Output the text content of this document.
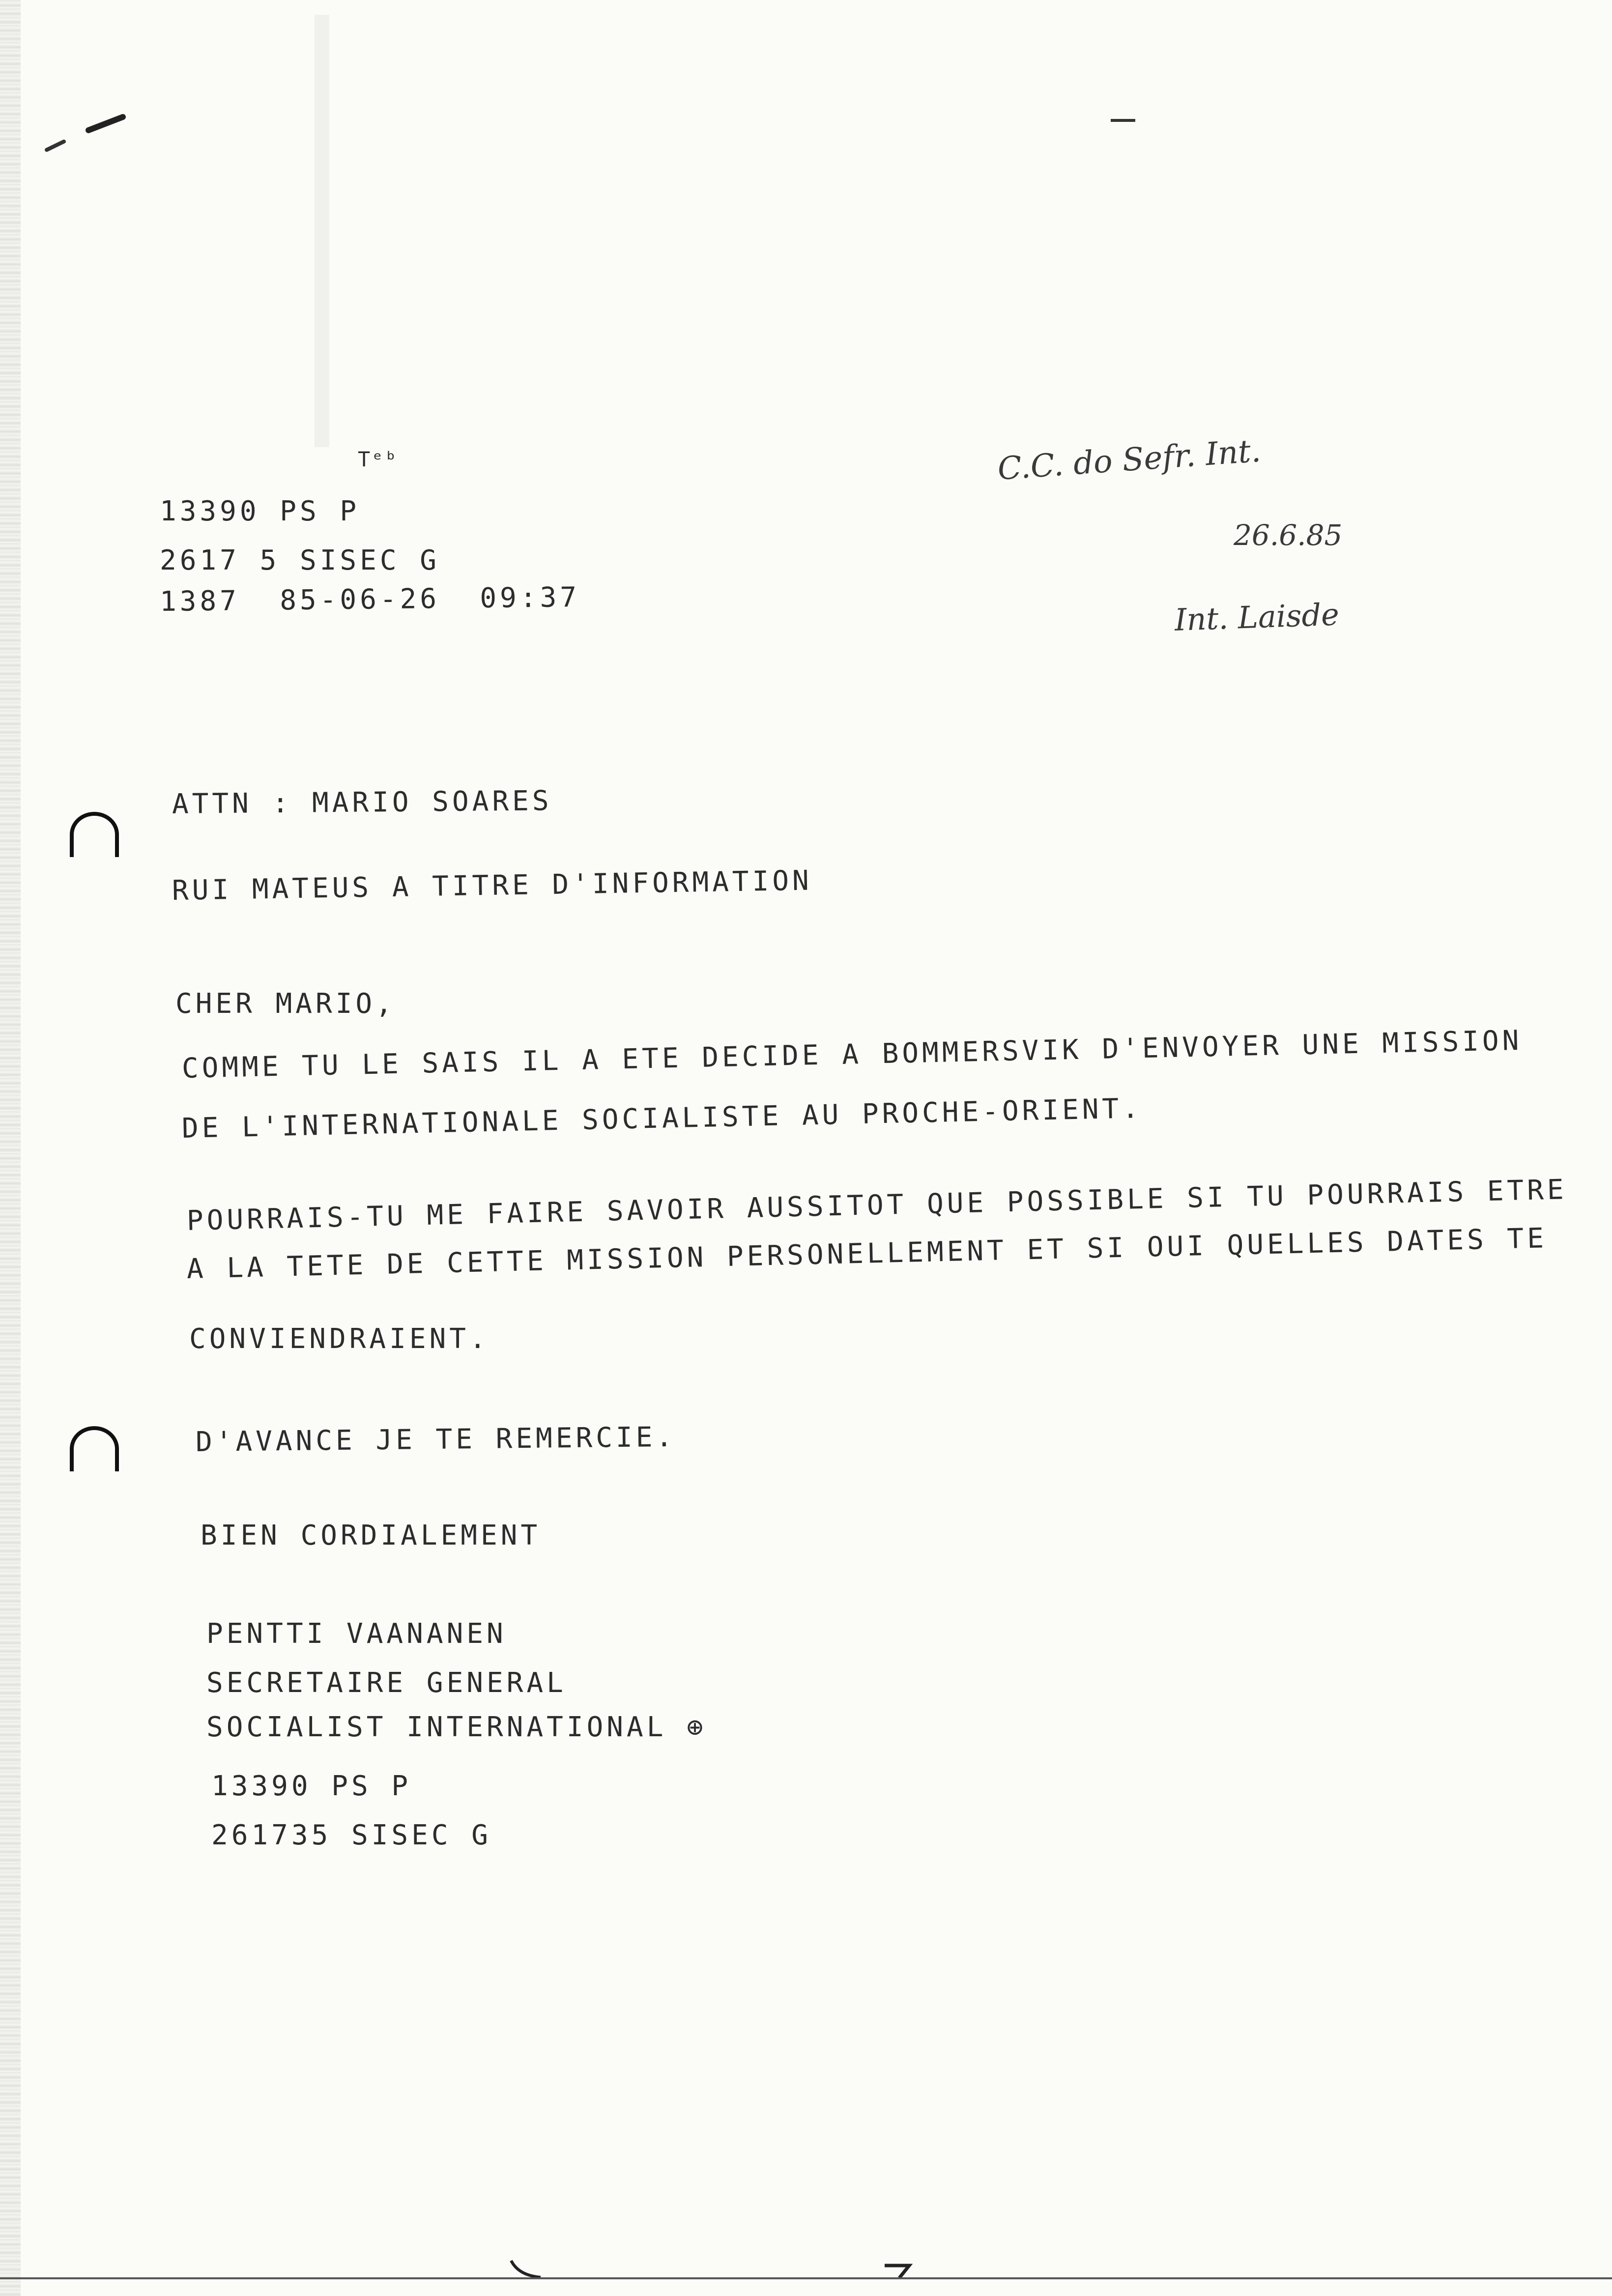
Tᵉᵇ
13390 PS P
2617 5 SISEC G
1387  85-06-26  09:37
C.C. do Sefr. Int.
26.6.85
Int. Laisde
ATTN : MARIO SOARES
RUI MATEUS A TITRE D'INFORMATION
CHER MARIO,
COMME TU LE SAIS IL A ETE DECIDE A BOMMERSVIK D'ENVOYER UNE MISSION
DE L'INTERNATIONALE SOCIALISTE AU PROCHE-ORIENT.
POURRAIS-TU ME FAIRE SAVOIR AUSSITOT QUE POSSIBLE SI TU POURRAIS ETRE
A LA TETE DE CETTE MISSION PERSONELLEMENT ET SI OUI QUELLES DATES TE
CONVIENDRAIENT.
D'AVANCE JE TE REMERCIE.
BIEN CORDIALEMENT
PENTTI VAANANEN
SECRETAIRE GENERAL
SOCIALIST INTERNATIONAL ⊕
13390 PS P
261735 SISEC G
